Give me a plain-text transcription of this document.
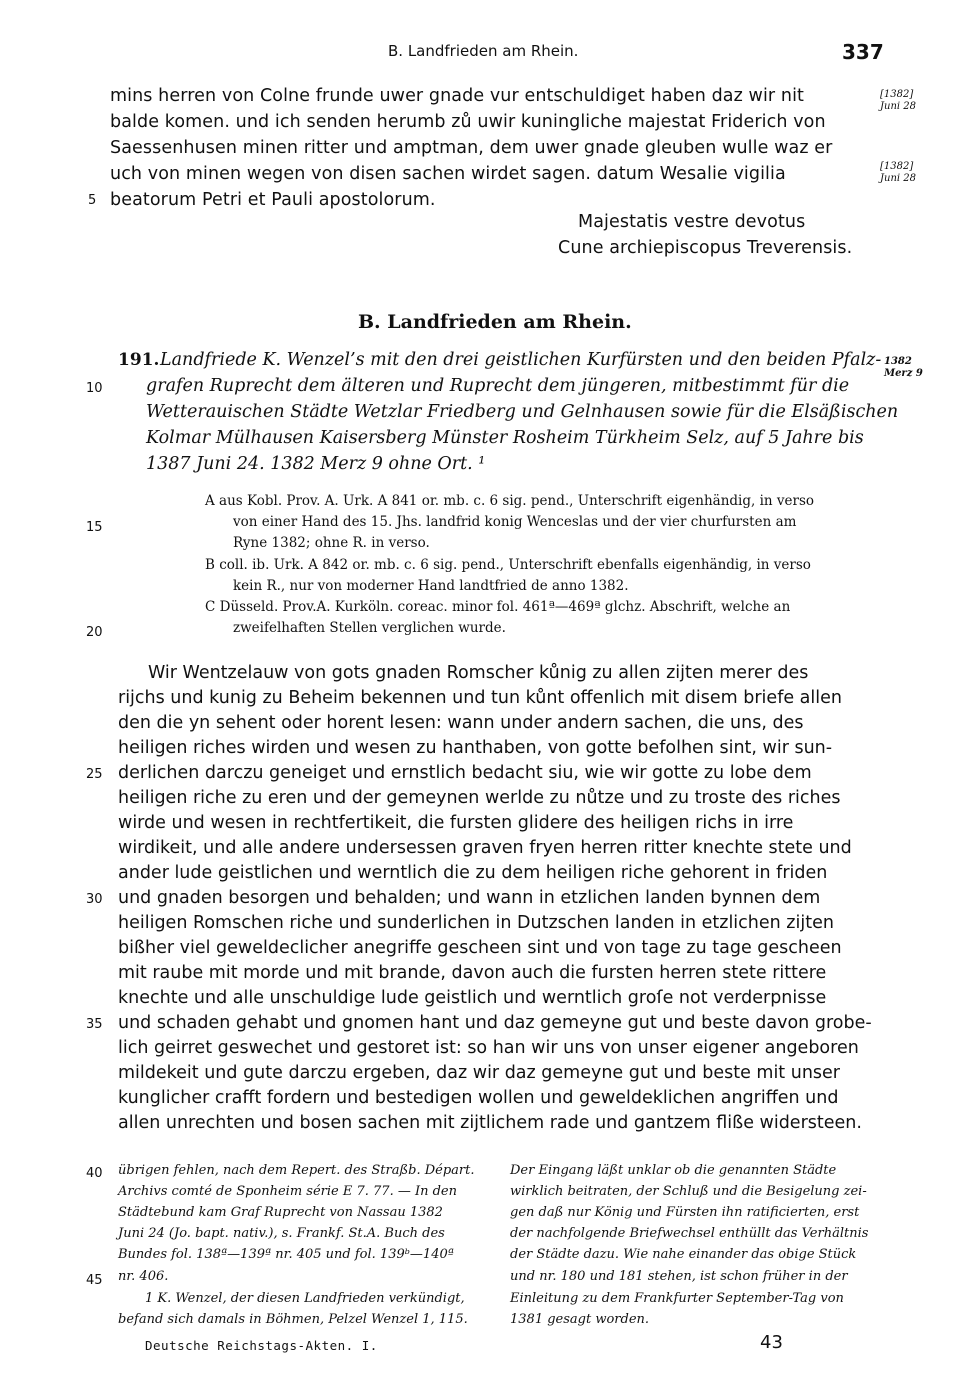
B. Landfrieden am Rhein.	337
mins herren von Colne frunde uwer gnade vur entschuldiget haben daz wir nit
balde komen. und ich senden herumb zů uwir kuningliche majestat Friderich von
Saessenhusen minen ritter und amptman, dem uwer gnade gleuben wulle waz er
uch von minen wegen von disen sachen wirdet sagen. datum Wesalie vigilia
beatorum Petri et Pauli apostolorum.
[1382] Juni 28
[1382] Juni 28
Majestatis vestre devotus
Cune archiepiscopus Treverensis.
B. Landfrieden am Rhein.
191. Landfriede K. Wenzel’s mit den drei geistlichen Kurfürsten und den beiden Pfalz-
grafen Ruprecht dem älteren und Ruprecht dem jüngeren, mitbestimmt für die
Wetterauischen Städte Wetzlar Friedberg und Gelnhausen sowie für die Elsäßischen
Kolmar Mülhausen Kaisersberg Münster Rosheim Türkheim Selz, auf 5 Jahre bis
1387 Juni 24. 1382 Merz 9 ohne Ort. ¹
1382 Merz 9
A aus Kobl. Prov. A. Urk. A 841 or. mb. c. 6 sig. pend., Unterschrift eigenhändig, in verso
von einer Hand des 15. Jhs. landfrid konig Wenceslas und der vier churfursten am
Ryne 1382; ohne R. in verso.
B coll. ib. Urk. A 842 or. mb. c. 6 sig. pend., Unterschrift ebenfalls eigenhändig, in verso
kein R., nur von moderner Hand landtfried de anno 1382.
C Düsseld. Prov.A. Kurköln. coreac. minor fol. 461ª—469ª glchz. Abschrift, welche an
zweifelhaften Stellen verglichen wurde.
Wir Wentzelauw von gots gnaden Romscher kůnig zu allen zijten merer des
rijchs und kunig zu Beheim bekennen und tun kůnt offenlich mit disem briefe allen
den die yn sehent oder horent lesen: wann under andern sachen, die uns, des
heiligen riches wirden und wesen zu hanthaben, von gotte befolhen sint, wir sun-
derlichen darczu geneiget und ernstlich bedacht siu, wie wir gotte zu lobe dem
heiligen riche zu eren und der gemeynen werlde zu nůtze und zu troste des riches
wirde und wesen in rechtfertikeit, die fursten glidere des heiligen richs in irre
wirdikeit, und alle andere undersessen graven fryen herren ritter knechte stete und
ander lude geistlichen und werntlich die zu dem heiligen riche gehorent in friden
und gnaden besorgen und behalden; und wann in etzlichen landen bynnen dem
heiligen Romschen riche und sunderlichen in Dutzschen landen in etzlichen zijten
bißher viel geweldeclicher anegriffe gescheen sint und von tage zu tage gescheen
mit raube mit morde und mit brande, davon auch die fursten herren stete rittere
knechte und alle unschuldige lude geistlich und werntlich groſe not verderpnisse
und schaden gehabt und gnomen hant und daz gemeyne gut und beste davon grobe-
lich geirret geswechet und gestoret ist: so han wir uns von unser eigener angeboren
mildekeit und gute darczu ergeben, daz wir daz gemeyne gut und beste mit unser
kunglicher crafft fordern und bestedigen wollen und geweldeklichen angriffen und
allen unrechten und bosen sachen mit zijtlichem rade und gantzem fliße widersteen.
5
10
15
20
25
30
35
40
45
übrigen fehlen, nach dem Repert. des Straßb. Départ.
Archivs comté de Sponheim série E 7. 77. — In den
Städtebund kam Graf Ruprecht von Nassau 1382
Juni 24 (Jo. bapt. nativ.), s. Frankf. St.A. Buch des
Bundes fol. 138ª—139ª nr. 405 und fol. 139ᵇ—140ª
nr. 406.
1 K. Wenzel, der diesen Landfrieden verkündigt,
befand sich damals in Böhmen, Pelzel Wenzel 1, 115.
Der Eingang läßt unklar ob die genannten Städte
wirklich beitraten, der Schluß und die Besigelung zei-
gen daß nur König und Fürsten ihn ratificierten, erst
der nachfolgende Briefwechsel enthüllt das Verhältnis
der Städte dazu. Wie nahe einander das obige Stück
und nr. 180 und 181 stehen, ist schon früher in der
Einleitung zu dem Frankfurter September-Tag von
1381 gesagt worden.
Deutsche Reichstags-Akten. I.	43
